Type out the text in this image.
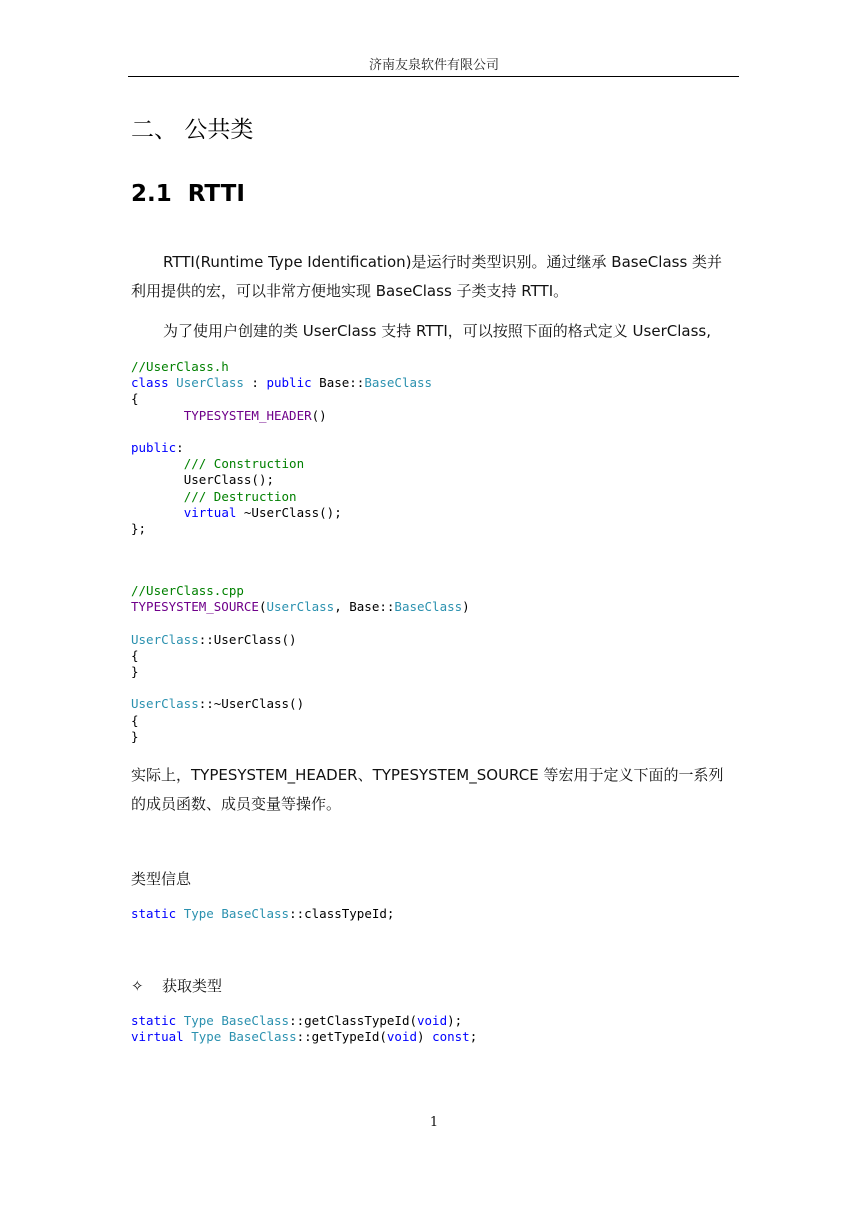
济南友泉软件有限公司
二、 公共类
2.1 RTTI
RTTI(Runtime Type Identification)是运行时类型识别。通过继承 BaseClass 类并利用提供的宏，可以非常方便地实现 BaseClass 子类支持 RTTI。
为了使用户创建的类 UserClass 支持 RTTI，可以按照下面的格式定义 UserClass,
//UserClass.h
class UserClass : public Base::BaseClass
{
TYPESYSTEM_HEADER()

public:
/// Construction
UserClass();
/// Destruction
virtual ~UserClass();
};
//UserClass.cpp
TYPESYSTEM_SOURCE(UserClass, Base::BaseClass)

UserClass::UserClass()
{
}

UserClass::~UserClass()
{
}
实际上，TYPESYSTEM_HEADER、TYPESYSTEM_SOURCE 等宏用于定义下面的一系列的成员函数、成员变量等操作。
类型信息
static Type BaseClass::classTypeId;
✧ 获取类型
static Type BaseClass::getClassTypeId(void);
virtual Type BaseClass::getTypeId(void) const;
1
